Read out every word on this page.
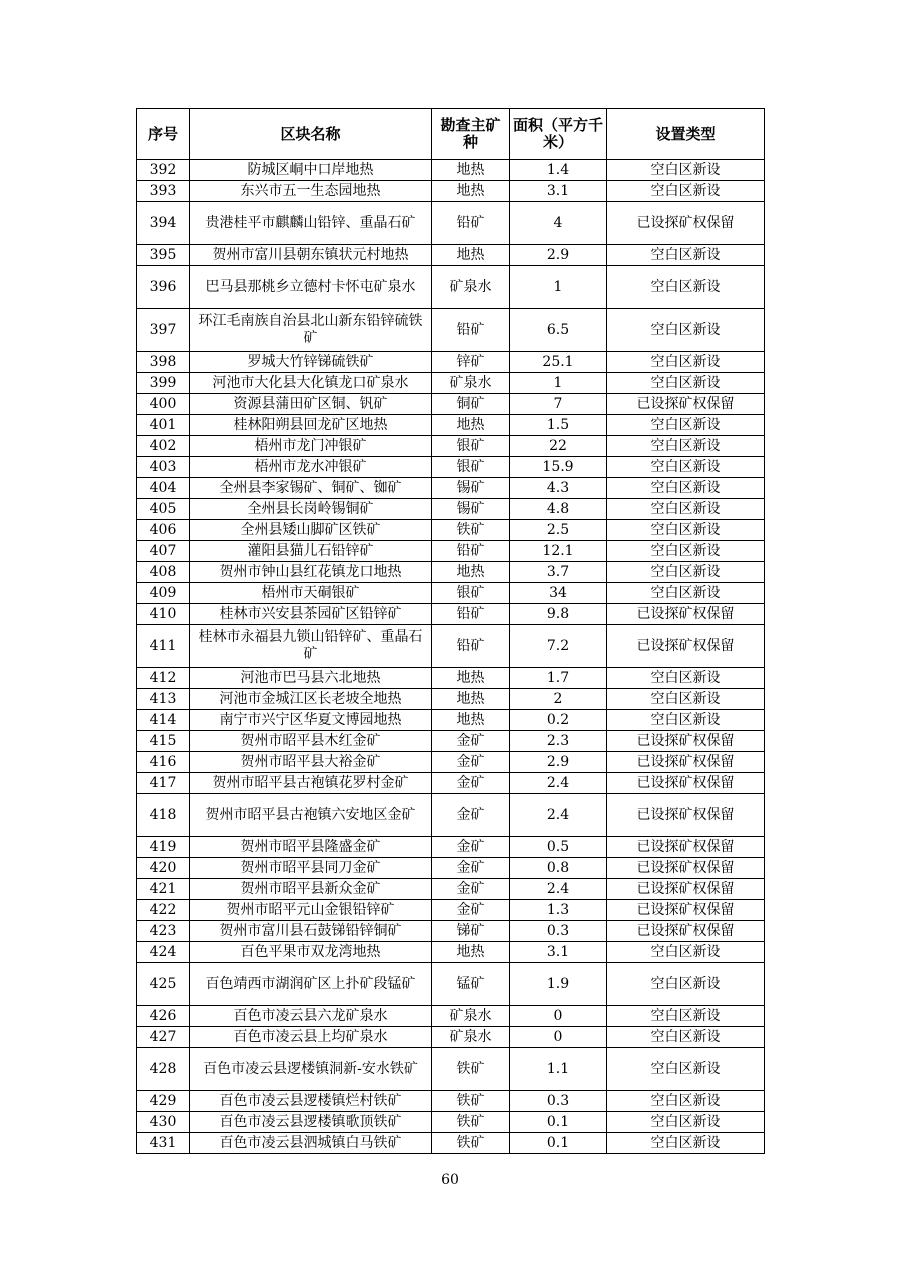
序号	区块名称	勘查主矿种	面积（平方千米）	设置类型
392	防城区峒中口岸地热	地热	1.4	空白区新设
393	东兴市五一生态园地热	地热	3.1	空白区新设
394	贵港桂平市麒麟山铅锌、重晶石矿	铅矿	4	已设探矿权保留
395	贺州市富川县朝东镇状元村地热	地热	2.9	空白区新设
396	巴马县那桃乡立德村卡怀屯矿泉水	矿泉水	1	空白区新设
397	环江毛南族自治县北山新东铅锌硫铁矿	铅矿	6.5	空白区新设
398	罗城大竹锌锑硫铁矿	锌矿	25.1	空白区新设
399	河池市大化县大化镇龙口矿泉水	矿泉水	1	空白区新设
400	资源县蒲田矿区铜、钒矿	铜矿	7	已设探矿权保留
401	桂林阳朔县回龙矿区地热	地热	1.5	空白区新设
402	梧州市龙门冲银矿	银矿	22	空白区新设
403	梧州市龙水冲银矿	银矿	15.9	空白区新设
404	全州县李家锡矿、铜矿、铷矿	锡矿	4.3	空白区新设
405	全州县长岗岭锡铜矿	锡矿	4.8	空白区新设
406	全州县矮山脚矿区铁矿	铁矿	2.5	空白区新设
407	灌阳县猫儿石铅锌矿	铅矿	12.1	空白区新设
408	贺州市钟山县红花镇龙口地热	地热	3.7	空白区新设
409	梧州市天硐银矿	银矿	34	空白区新设
410	桂林市兴安县茶园矿区铅锌矿	铅矿	9.8	已设探矿权保留
411	桂林市永福县九锁山铅锌矿、重晶石矿	铅矿	7.2	已设探矿权保留
412	河池市巴马县六北地热	地热	1.7	空白区新设
413	河池市金城江区长老坡全地热	地热	2	空白区新设
414	南宁市兴宁区华夏文博园地热	地热	0.2	空白区新设
415	贺州市昭平县木红金矿	金矿	2.3	已设探矿权保留
416	贺州市昭平县大裕金矿	金矿	2.9	已设探矿权保留
417	贺州市昭平县古袍镇花罗村金矿	金矿	2.4	已设探矿权保留
418	贺州市昭平县古袍镇六安地区金矿	金矿	2.4	已设探矿权保留
419	贺州市昭平县隆盛金矿	金矿	0.5	已设探矿权保留
420	贺州市昭平县同刀金矿	金矿	0.8	已设探矿权保留
421	贺州市昭平县新众金矿	金矿	2.4	已设探矿权保留
422	贺州市昭平元山金银铅锌矿	金矿	1.3	已设探矿权保留
423	贺州市富川县石鼓锑铅锌铜矿	锑矿	0.3	已设探矿权保留
424	百色平果市双龙湾地热	地热	3.1	空白区新设
425	百色靖西市湖润矿区上扑矿段锰矿	锰矿	1.9	空白区新设
426	百色市凌云县六龙矿泉水	矿泉水	0	空白区新设
427	百色市凌云县上均矿泉水	矿泉水	0	空白区新设
428	百色市凌云县逻楼镇洞新-安水铁矿	铁矿	1.1	空白区新设
429	百色市凌云县逻楼镇烂村铁矿	铁矿	0.3	空白区新设
430	百色市凌云县逻楼镇歌顶铁矿	铁矿	0.1	空白区新设
431	百色市凌云县泗城镇白马铁矿	铁矿	0.1	空白区新设
60
